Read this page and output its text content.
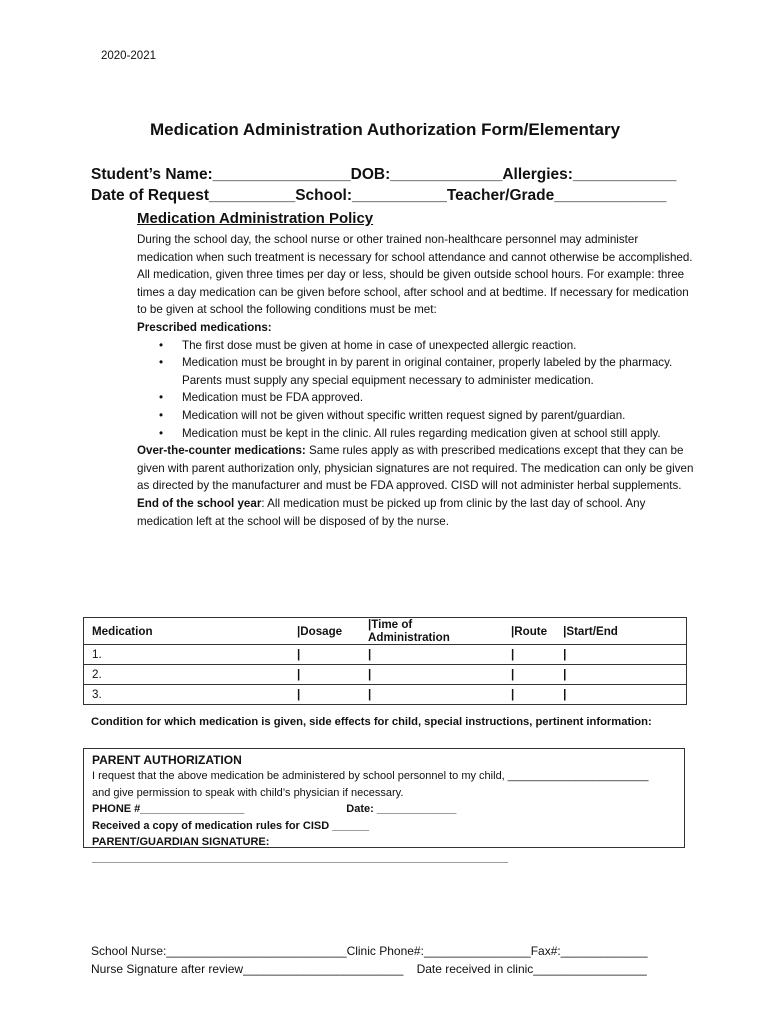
2020-2021
Medication Administration Authorization Form/Elementary
Student’s Name:________________DOB:_____________Allergies:____________
Date of Request__________School:___________Teacher/Grade_____________
Medication Administration Policy

During the school day, the school nurse or other trained non-healthcare personnel may administer medication when such treatment is necessary for school attendance and cannot otherwise be accomplished. All medication, given three times per day or less, should be given outside school hours. For example: three times a day medication can be given before school, after school and at bedtime. If necessary for medication to be given at school the following conditions must be met:

Prescribed medications:

• The first dose must be given at home in case of unexpected allergic reaction.
• Medication must be brought in by parent in original container, properly labeled by the pharmacy. Parents must supply any special equipment necessary to administer medication.
• Medication must be FDA approved.
• Medication will not be given without specific written request signed by parent/guardian.
• Medication must be kept in the clinic. All rules regarding medication given at school still apply.

Over-the-counter medications: Same rules apply as with prescribed medications except that they can be given with parent authorization only, physician signatures are not required. The medication can only be given as directed by the manufacturer and must be FDA approved. CISD will not administer herbal supplements.

End of the school year: All medication must be picked up from clinic by the last day of school. Any medication left at the school will be disposed of by the nurse.

Medication	|Dosage	|Time of Administration	|Route	|Start/End
1.	|	|	|	|
2.	|	|	|	|
3.	|	|	|	|
Condition for which medication is given, side effects for child, special instructions, pertinent information:
PARENT AUTHORIZATION
I request that the above medication be administered by school personnel to my child, _______________________
and give permission to speak with child’s physician if necessary.
PHONE #_________________	Date: _____________
Received a copy of medication rules for CISD ______
PARENT/GUARDIAN SIGNATURE: ____________________________________________________________________
School Nurse:___________________________Clinic Phone#:________________Fax#:_____________
Nurse Signature after review________________________    Date received in clinic_________________
